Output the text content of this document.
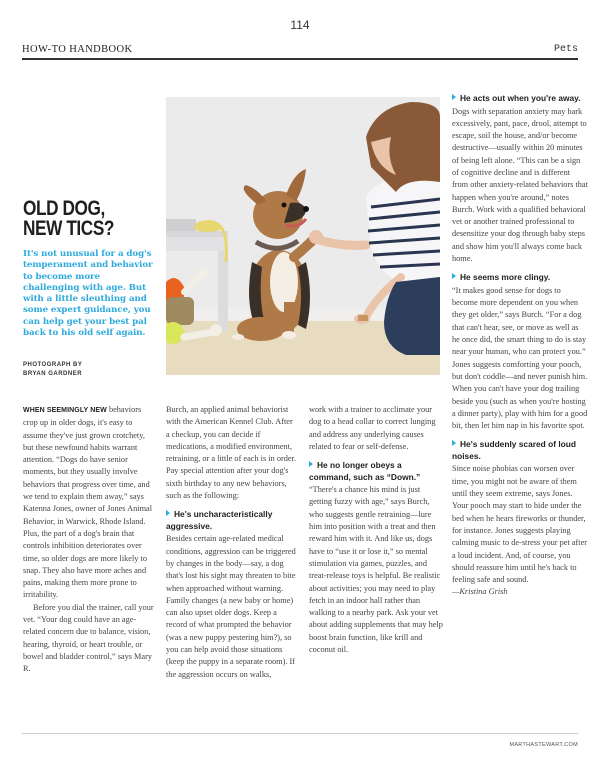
114
HOW-TO HANDBOOK	Pets
OLD DOG,
NEW TICS?
It's not unusual for a dog's temperament and behavior to become more challenging with age. But with a little sleuthing and some expert guidance, you can help get your best pal back to his old self again.
PHOTOGRAPH BY
BRYAN GARDNER

WHEN SEEMINGLY NEW behaviors crop up in older dogs, it's easy to assume they've just grown crotchety, but these newfound habits warrant attention. “Dogs do have senior moments, but they usually involve behaviors that progress over time, and we tend to explain them away,” says Katenna Jones, owner of Jones Animal Behavior, in Warwick, Rhode Island. Plus, the part of a dog's brain that controls inhibition deteriorates over time, so older dogs are more likely to snap. They also have more aches and pains, making them more prone to irritability.

Before you dial the trainer, call your vet. “Your dog could have an age-related concern due to balance, vision, hearing, thyroid, or heart trouble, or bowel and bladder control,” says Mary R.

Burch, an applied animal behaviorist with the American Kennel Club. After a checkup, you can decide if medications, a modified environment, retraining, or a little of each is in order. Pay special attention after your dog's sixth birthday to any new behaviors, such as the following:

He's uncharacteristically aggressive.

Besides certain age-related medical conditions, aggression can be triggered by changes in the body—say, a dog that's lost his sight may threaten to bite when approached without warning. Family changes (a new baby or home) can also upset older dogs. Keep a record of what prompted the behavior (was a new puppy pestering him?), so you can help avoid those situations (keep the puppy in a separate room). If the aggression occurs on walks,

work with a trainer to acclimate your dog to a head collar to correct lunging and address any underlying causes related to fear or self-defense.

He no longer obeys a command, such as “Down.”

“There's a chance his mind is just getting fuzzy with age,” says Burch, who suggests gentle retraining—lure him into position with a treat and then reward him with it. And like us, dogs have to “use it or lose it,” so mental stimulation via games, puzzles, and treat-release toys is helpful. Be realistic about activities; you may need to play fetch in an indoor hall rather than walking to a nearby park. Ask your vet about adding supplements that may help boost brain function, like krill and coconut oil.

He acts out when you're away.

Dogs with separation anxiety may bark excessively, pant, pace, drool, attempt to escape, soil the house, and/or become destructive—usually within 20 minutes of being left alone. “This can be a sign of cognitive decline and is different from other anxiety-related behaviors that happen when you're around,” notes Burch. Work with a qualified behavioral vet or another trained professional to desensitize your dog through baby steps and show him you'll always come back home.

He seems more clingy.

“It makes good sense for dogs to become more dependent on you when they get older,” says Burch. “For a dog that can't hear, see, or move as well as he once did, the smart thing to do is stay near your human, who can protect you.” Jones suggests comforting your pooch, but don't coddle—and never punish him. When you can't have your dog trailing beside you (such as when you're hosting a dinner party), play with him for a good bit, then let him nap in his favorite spot.

He's suddenly scared of loud noises.

Since noise phobias can worsen over time, you might not be aware of them until they seem extreme, says Jones. Your pooch may start to hide under the bed when he hears fireworks or thunder, for instance. Jones suggests playing calming music to de-stress your pet after a loud incident. And, of course, you should reassure him until he's back to feeling safe and sound.

—Kristina Grish

MARTHASTEWART.COM
